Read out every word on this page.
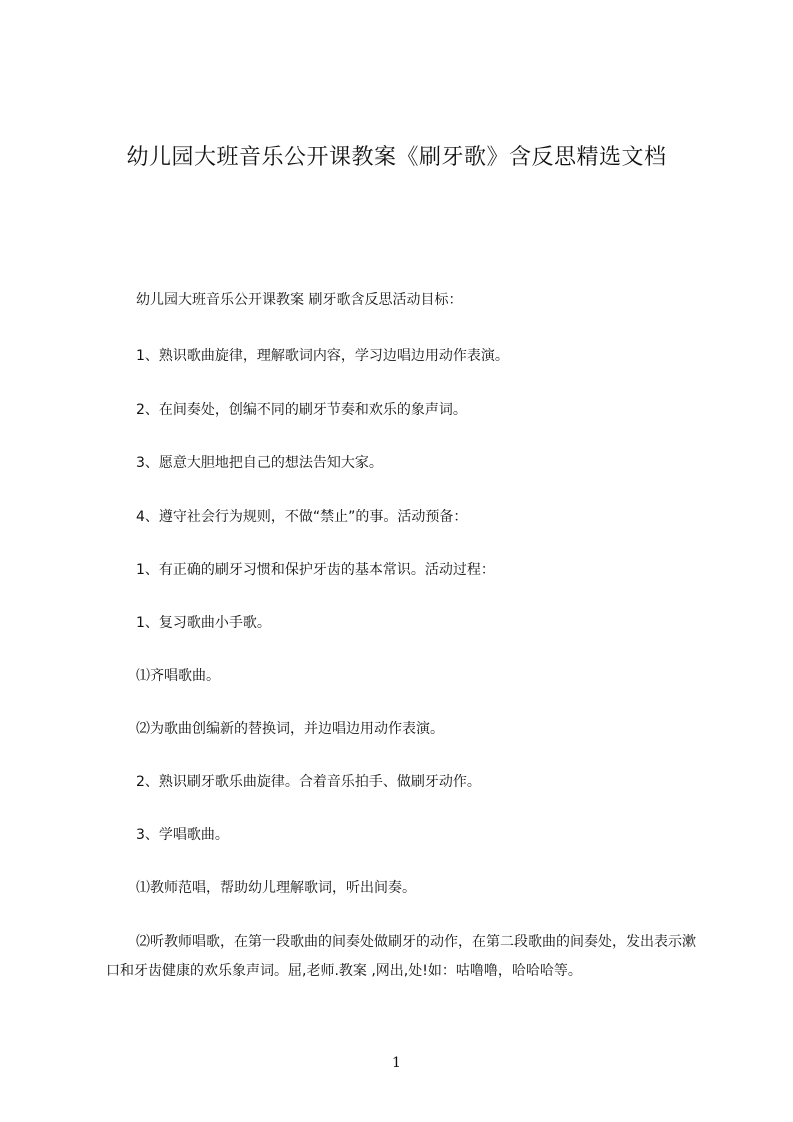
幼儿园大班音乐公开课教案《刷牙歌》含反思精选文档
幼儿园大班音乐公开课教案 刷牙歌含反思活动目标：
1、熟识歌曲旋律，理解歌词内容，学习边唱边用动作表演。
2、在间奏处，创编不同的刷牙节奏和欢乐的象声词。
3、愿意大胆地把自己的想法告知大家。
4、遵守社会行为规则，不做“禁止”的事。活动预备：
1、有正确的刷牙习惯和保护牙齿的基本常识。活动过程：
1、复习歌曲小手歌。
⑴齐唱歌曲。
⑵为歌曲创编新的替换词，并边唱边用动作表演。
2、熟识刷牙歌乐曲旋律。合着音乐拍手、做刷牙动作。
3、学唱歌曲。
⑴教师范唱，帮助幼儿理解歌词，听出间奏。
⑵听教师唱歌，在第一段歌曲的间奏处做刷牙的动作，在第二段歌曲的间奏处，发出表示漱口和牙齿健康的欢乐象声词。屈,老师.教案 ,网出,处!如：咕噜噜，哈哈哈等。
1
